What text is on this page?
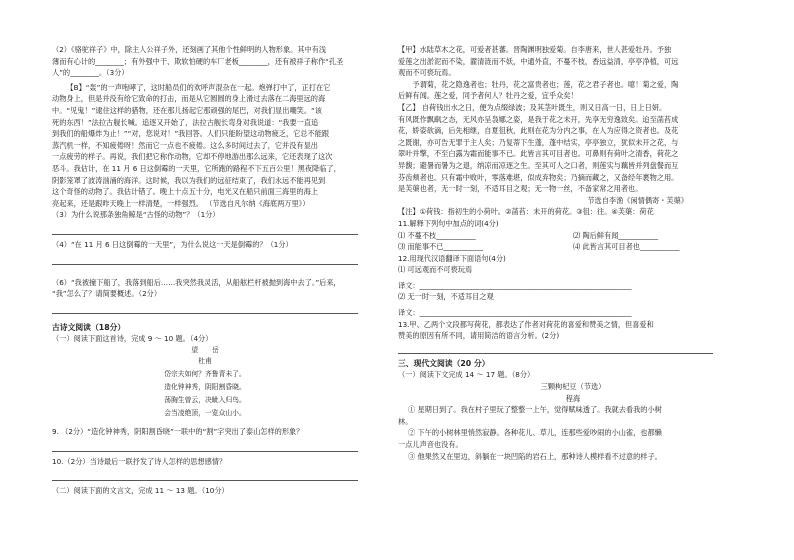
（2）《骆驼祥子》中，除主人公祥子外，还刻画了其他个性鲜明的人物形象。其中有浅

薄而有心计的________；有外强中干、欺软怕硬的车厂老板________，还有被祥子称作“孔圣

人”的________。（3分）

【B】“轰”的一声咆哮了，这时船员们的欢呼声混杂在一起。炮弹打中了，正打在它

动物身上，但是并没有给它致命的打击，而是从它圆圆的身上滑过去落在二海里远的海

中。“见鬼！”逮住这样的猎物，还在那儿扬起它那顽强的尾巴，对我们显出嘲笑。“该

死的东西！”法拉古舰长喊。追逐又开始了，法拉古舰长弯身对我说道：“我要一直追

到我们的船爆炸为止！”“对，您说对！”我回答。人们只能盼望这动物疲乏，它总不能跟

蒸汽机一样，不知疲倦呀！然而它一点也不疲倦。这么多时间过去了，它并没有显出

一点疲劳的样子。再说，我们把它称作动物，它却不停地游出那么远来，它还表现了这次

恶斗。我估计，在 11 月 6 日这倒霉的一天里，它所跑的路程不下五百公里！黑夜降临了，

阴影笼罩了波涛汹涌的海洋。这时候，我以为我们的远征结束了，我们永远不能再见到

这个奇怪的动物了。我估计错了。晚上十点五十分，电光又在船只前面三海里的海上

亮起来，还是跟昨天晚上一样清楚，一样强烈。 （节选自凡尔纳《海底两万里》）

（3）为什么说那条独角鲸是“古怪的动物”？（1分）

（4）“在 11 月 6 日这倒霉的一天里”，为什么说这一天是倒霉的？（1分）

（6）“我被撞下船了，我落到船后……我突然我灵活，从船舷栏杆被抛到海中去了。”后来，

“我”怎么了？请简要概述。（2分）

古诗文阅读（18分）

（一）阅读下面这首诗，完成 9 ～ 10 题。（4分）

望岳

杜甫

岱宗夫如何？齐鲁青未了。

造化钟神秀，阴阳割昏晓。

荡胸生曾云，决眦入归鸟。

会当凌绝顶，一览众山小。

9. （2分）“造化钟神秀，阴阳割昏晓”一联中的“割”字突出了泰山怎样的形象？

10.（2分）当诗最后一联抒发了诗人怎样的思想感情？

（二）阅读下面的文言文，完成 11 ～ 13 题。（10分）

【甲】水陆草木之花，可爱者甚蕃。晋陶渊明独爱菊。自李唐来，世人甚爱牡丹。予独

爱莲之出淤泥而不染，濯清涟而不妖，中通外直，不蔓不枝，香远益清，亭亭净植，可远

观而不可亵玩焉。

予谓菊，花之隐逸者也；牡丹，花之富贵者也；莲，花之君子者也。噫！菊之爱，陶

后鲜有闻。莲之爱，同予者何人？牡丹之爱，宜乎众矣！

【乙】 自荷钱出水之日，便为点缀绿波；及其茎叶既生，则又日高一日，日上日妍。

有风既作飘飖之态，无风亦呈袅娜之姿，是我于花之未开，先享无穷逸致矣。迨至菡萏成

花，娇姿欲滴，后先相继，自夏徂秋，此则在花为分内之事，在人为应得之资者也。及花

之既谢，亦可告无罪于主人矣；乃复蒂下生蓬，蓬中结实，亭亭独立，犹似未开之花，与

翠叶并擎，不至白露为霜而能事不已。此皆言其可目者也。可鼻则有荷叶之清香，荷花之

异馥；避暑而暑为之退，纳凉而凉逐之生。至其可人之口者，则莲实与藕皆并列盘餐而互

芬齿颊者也。只有霜中败叶，零落难堪，似成弃物矣；乃摘而藏之，又备经年裹物之用。

是芙蕖也者，无一时一刻，不适耳目之观；无一物一丝，不备家常之用者也。

节选自李渔《闲情偶寄・芙蕖》

【注】①荷钱：指初生的小荷叶。②菡萏：未开的荷花。③徂：往。④芙蕖：荷花

11.解释下列句中加点的词(4分)

⑴ 不蔓不枝___________	⑵ 陶后鲜有闻___________
⑶ 而能事不已___________	⑷ 此皆言其可目者也___________

12.用现代汉语翻译下面语句(4分)

⑴ 可远观而不可亵玩焉

译文：___________________________________________________________

⑵ 无一时一刻，不适耳目之观

译文：___________________________________________________________

13.甲、乙两个文段都写荷花，都表达了作者对荷花的喜爱和赞美之情，但喜爱和

赞美的原因有所不同，请用简洁的语言分析。(2分)

三、现代文阅读（20 分）

（一）阅读下文完成 14 ～ 17 题。（8分）

三颗枸杞豆（节选）

程海

① 星期日到了。我在村子里玩了整整一上午，觉得赋味透了。我就去看我的小树

林。

② 下午的小树林里悄然寂静。各种花儿、草儿，连那些爱吵闹的小山雀，也都懒

一点儿声音也没有。

③ 他果然又在里边，斜躺在一块凹陷的岩石上，那种诗人模样看不过意的样子。
